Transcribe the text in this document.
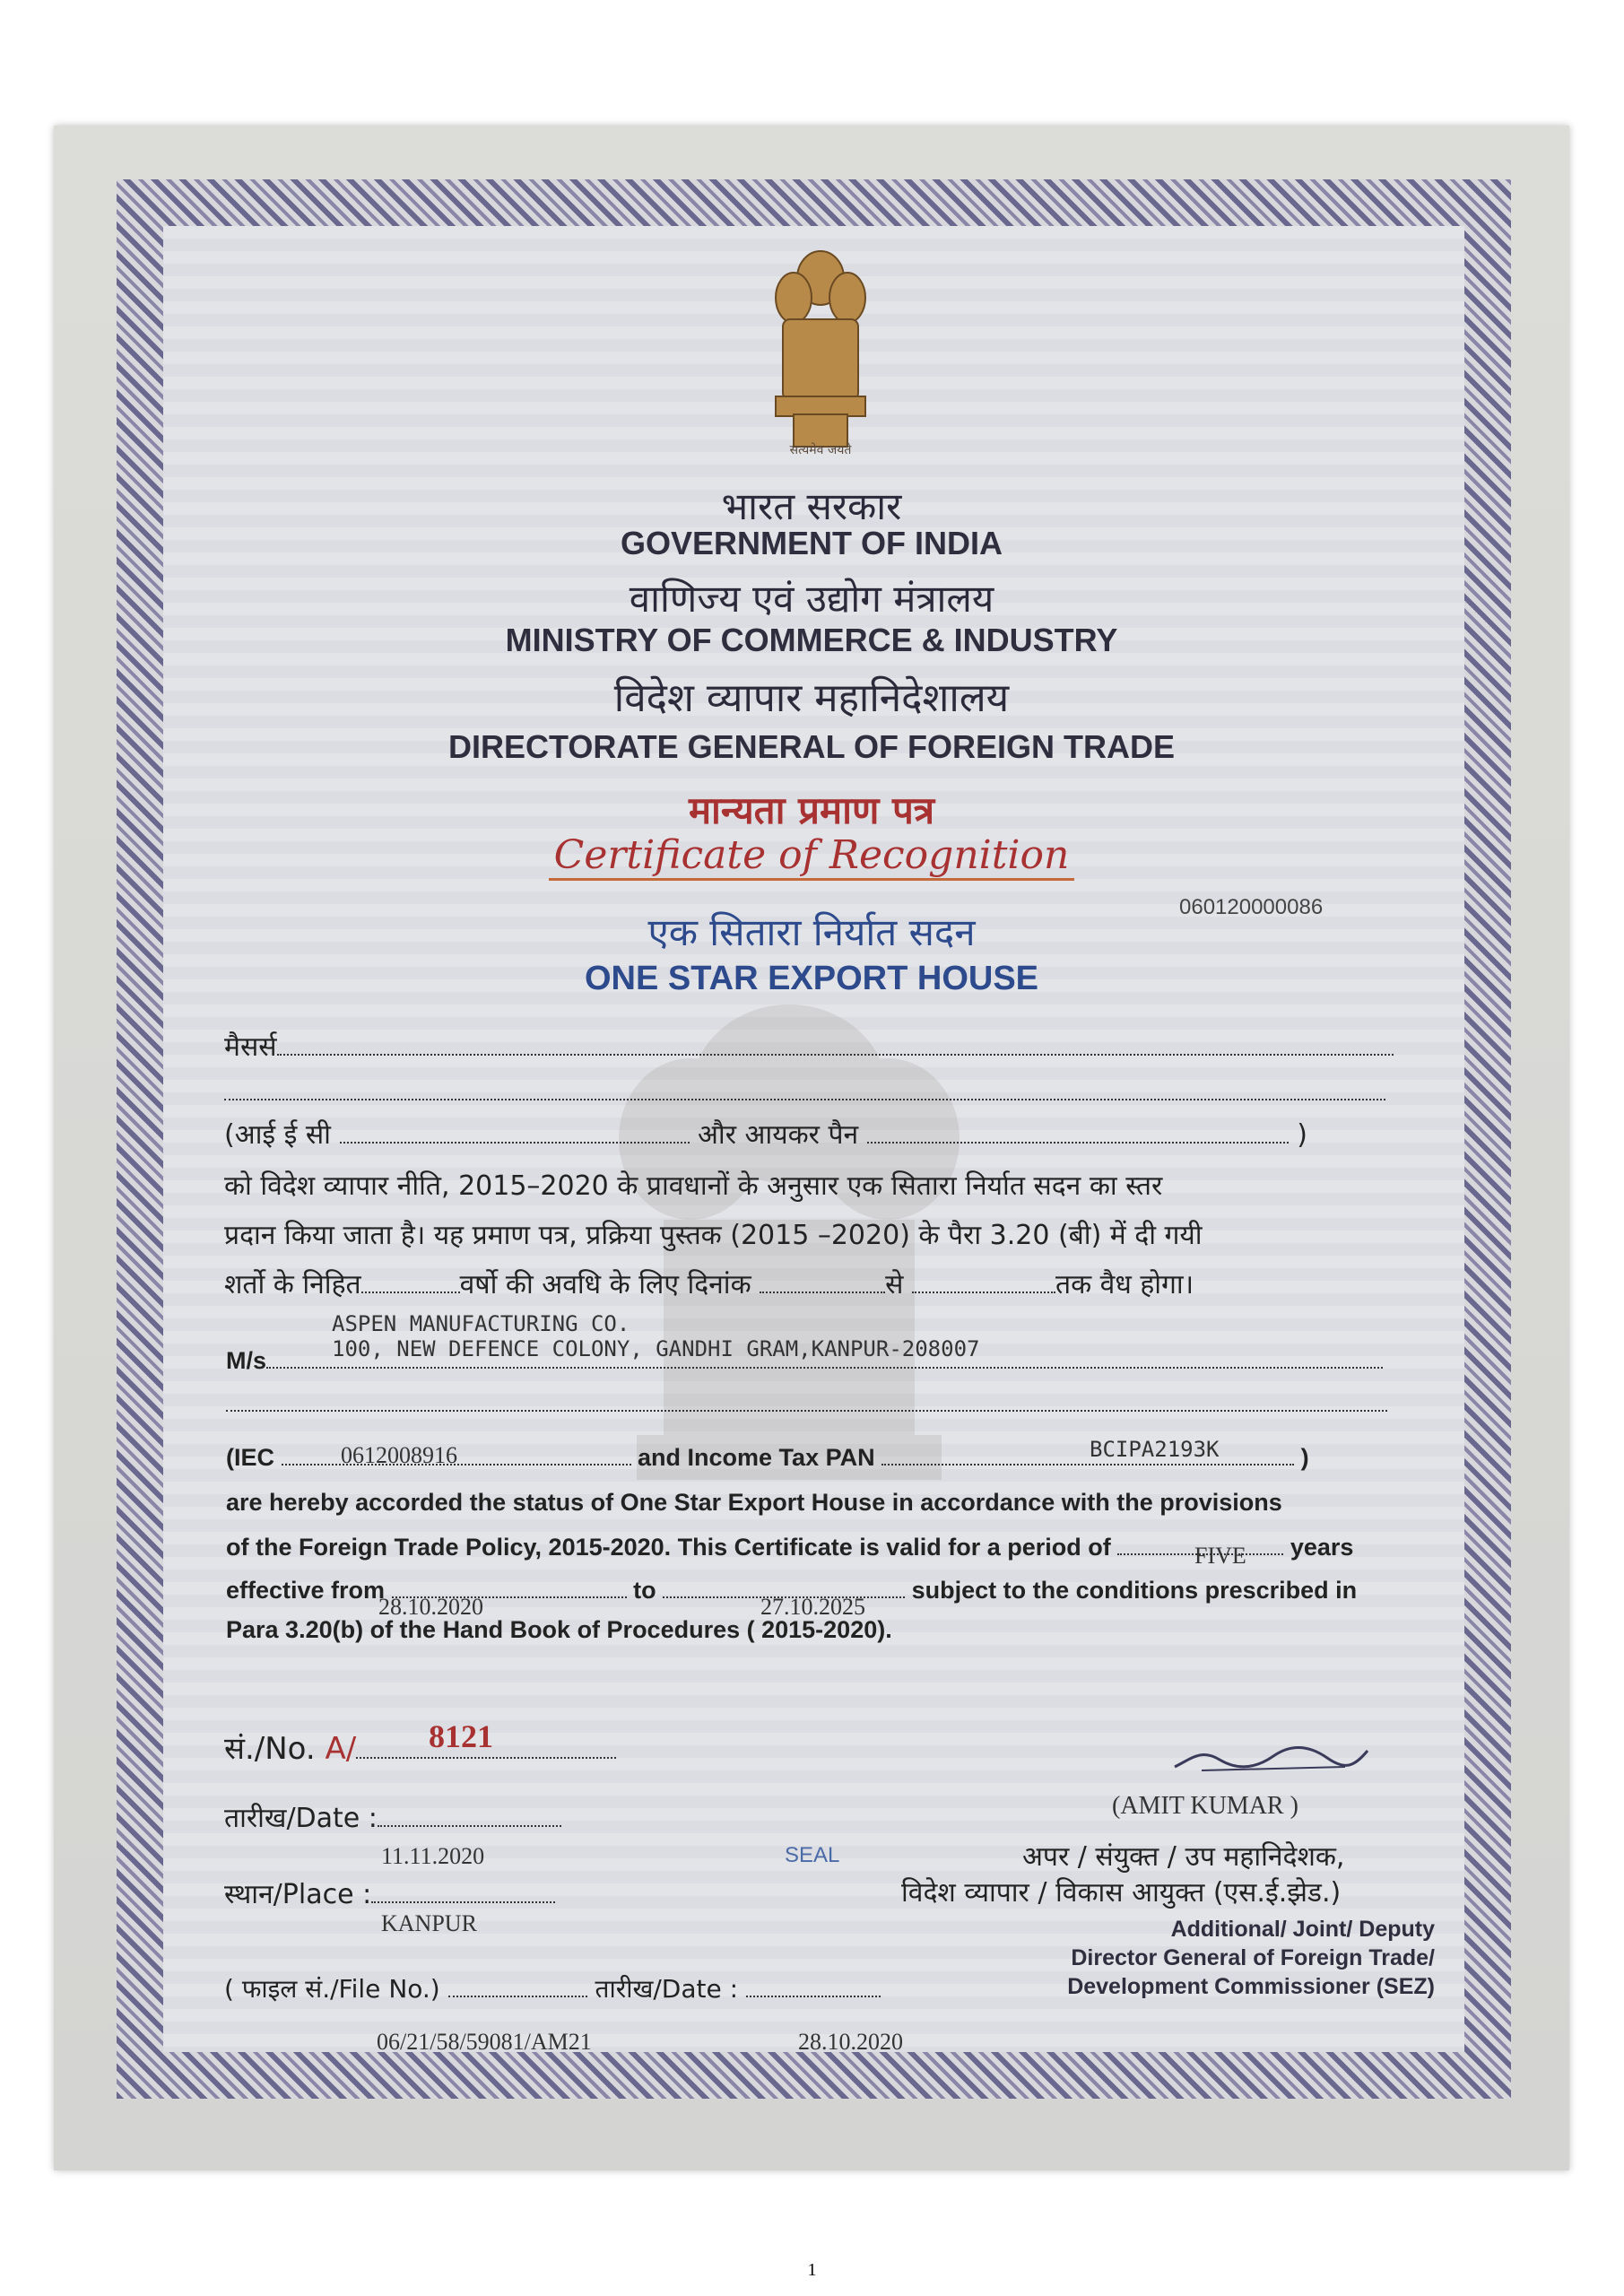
सत्यमेव जयते
भारत सरकार
GOVERNMENT OF INDIA
वाणिज्य एवं उद्योग मंत्रालय
MINISTRY OF COMMERCE & INDUSTRY
विदेश व्यापार महानिदेशालय
DIRECTORATE GENERAL OF FOREIGN TRADE
मान्यता प्रमाण पत्र
Certificate of Recognition
060120000086
एक सितारा निर्यात सदन
ONE STAR EXPORT HOUSE
मैसर्स
(आई ई सी	और आयकर पैन	)
को विदेश व्यापार नीति, 2015–2020 के प्रावधानों के अनुसार एक सितारा निर्यात सदन का स्तर
प्रदान किया जाता है। यह प्रमाण पत्र, प्रक्रिया पुस्तक (2015 –2020) के पैरा 3.20 (बी) में दी गयी
शर्तो के निहित	वर्षो की अवधि के लिए दिनांक	से	तक वैध होगा।
ASPEN MANUFACTURING CO.
M/s	100, NEW DEFENCE COLONY, GANDHI GRAM,KANPUR-208007
(IEC	and Income Tax PAN	)
0612008916	BCIPA2193K
are hereby accorded the status of One Star Export House in accordance with the provisions
of the Foreign Trade Policy, 2015-2020. This Certificate is valid for a period of	years
FIVE
effective from	to	subject to the conditions prescribed in
28.10.2020	27.10.2025
Para 3.20(b) of the Hand Book of Procedures ( 2015-2020).
सं./No. A/	8121
तारीख/Date :
11.11.2020
स्थान/Place :
KANPUR
SEAL
( फाइल सं./File No.)	तारीख/Date :
06/21/58/59081/AM21	28.10.2020
(AMIT KUMAR )
अपर / संयुक्त / उप महानिदेशक,
विदेश व्यापार / विकास आयुक्त (एस.ई.झेड.)
Additional/ Joint/ Deputy
Director General of Foreign Trade/
Development Commissioner (SEZ)
1
